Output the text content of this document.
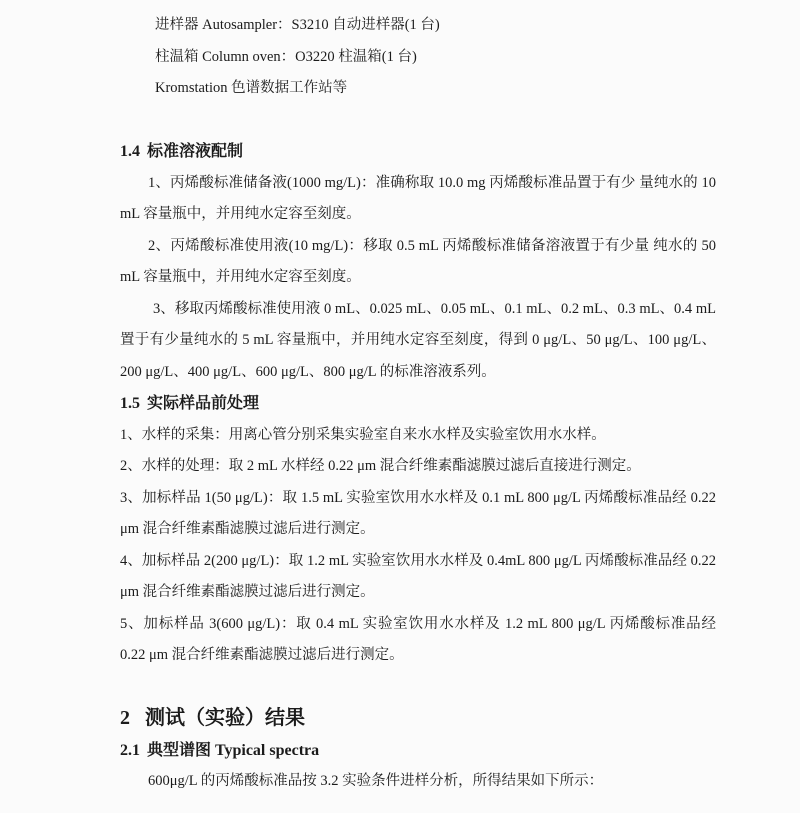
进样器 Autosampler：S3210 自动进样器(1 台)

柱温箱 Column oven：O3220 柱温箱(1 台)

Kromstation 色谱数据工作站等

1.4 标准溶液配制

1、丙烯酸标准储备液(1000 mg/L)：准确称取 10.0 mg 丙烯酸标准品置于有少 量纯水的 10 mL 容量瓶中，并用纯水定容至刻度。

2、丙烯酸标准使用液(10 mg/L)：移取 0.5 mL 丙烯酸标准储备溶液置于有少量 纯水的 50 mL 容量瓶中，并用纯水定容至刻度。

3、移取丙烯酸标准使用液 0 mL、0.025 mL、0.05 mL、0.1 mL、0.2 mL、0.3 mL、0.4 mL 置于有少量纯水的 5 mL 容量瓶中，并用纯水定容至刻度，得到 0 μg/L、50 μg/L、100 μg/L、200 μg/L、400 μg/L、600 μg/L、800 μg/L 的标准溶液系列。

1.5 实际样品前处理

1、水样的采集：用离心管分别采集实验室自来水水样及实验室饮用水水样。

2、水样的处理：取 2 mL 水样经 0.22 μm 混合纤维素酯滤膜过滤后直接进行测定。

3、加标样品 1(50 μg/L)：取 1.5 mL 实验室饮用水水样及 0.1 mL 800 μg/L 丙烯酸标准品经 0.22 μm 混合纤维素酯滤膜过滤后进行测定。

4、加标样品 2(200 μg/L)：取 1.2 mL 实验室饮用水水样及 0.4mL 800 μg/L 丙烯酸标准品经 0.22 μm 混合纤维素酯滤膜过滤后进行测定。

5、加标样品 3(600 μg/L)：取 0.4 mL 实验室饮用水水样及 1.2 mL 800 μg/L 丙烯酸标准品经 0.22 μm 混合纤维素酯滤膜过滤后进行测定。

2 测试（实验）结果

2.1 典型谱图 Typical spectra

600μg/L 的丙烯酸标准品按 3.2 实验条件进样分析，所得结果如下所示：
